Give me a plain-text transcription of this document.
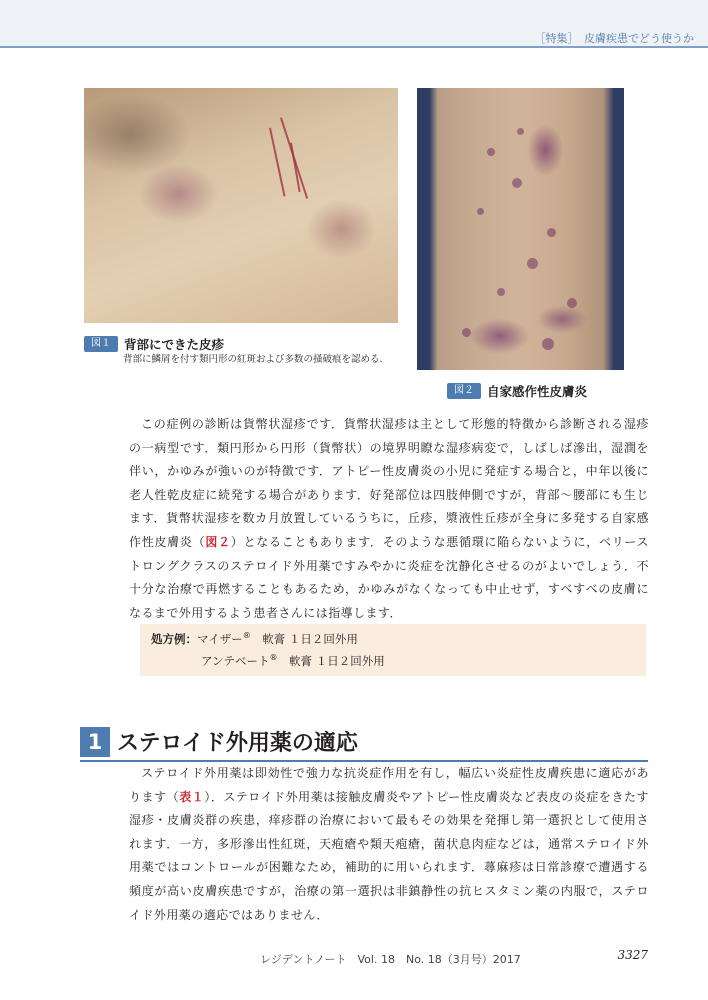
［特集］　皮膚疾患でどう使うか
図１	背部にできた皮疹
背部に鱗屑を付す類円形の紅斑および多数の掻破痕を認める．
図２	自家感作性皮膚炎

この症例の診断は貨幣状湿疹です．貨幣状湿疹は主として形態的特徴から診断される湿疹の一病型です．類円形から円形（貨幣状）の境界明瞭な湿疹病変で，しばしば滲出，湿潤を伴い，かゆみが強いのが特徴です．アトピー性皮膚炎の小児に発症する場合と，中年以後に老人性乾皮症に続発する場合があります．好発部位は四肢伸側ですが，背部～腰部にも生じます．貨幣状湿疹を数カ月放置しているうちに，丘疹，漿液性丘疹が全身に多発する自家感作性皮膚炎（図２）となることもあります．そのような悪循環に陥らないように，ベリーストロングクラスのステロイド外用薬ですみやかに炎症を沈静化させるのがよいでしょう．不十分な治療で再燃することもあるため，かゆみがなくなっても中止せず，すべすべの皮膚になるまで外用するよう患者さんには指導します．

処方例：マイザー®　軟膏 １日２回外用
アンテベート®　軟膏 １日２回外用
1 ステロイド外用薬の適応

ステロイド外用薬は即効性で強力な抗炎症作用を有し，幅広い炎症性皮膚疾患に適応があります（表１）．ステロイド外用薬は接触皮膚炎やアトピー性皮膚炎など表皮の炎症をきたす湿疹・皮膚炎群の疾患，痒疹群の治療において最もその効果を発揮し第一選択として使用されます．一方，多形滲出性紅斑，天疱瘡や類天疱瘡，菌状息肉症などは，通常ステロイド外用薬ではコントロールが困難なため，補助的に用いられます．蕁麻疹は日常診療で遭遇する頻度が高い皮膚疾患ですが，治療の第一選択は非鎮静性の抗ヒスタミン薬の内服で，ステロイド外用薬の適応ではありません．

レジデントノート　Vol. 18　No. 18（3月号）2017	3327
